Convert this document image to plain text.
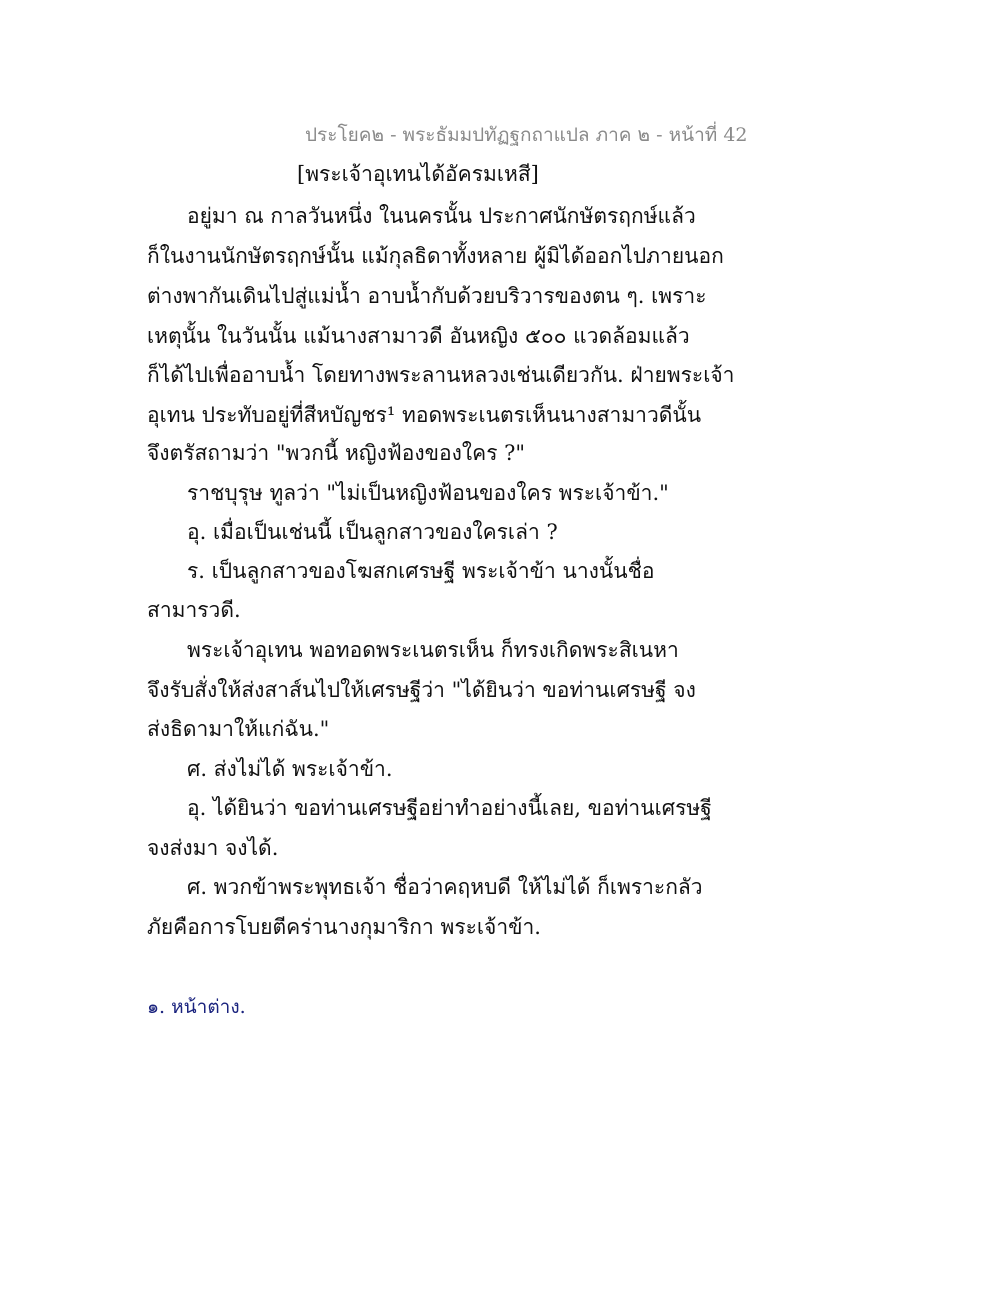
ประโยค๒ - พระธัมมปทัฏฐกถาแปล ภาค ๒ - หน้าที่ 42
[พระเจ้าอุเทนได้อัครมเหสี]
อยู่มา ณ กาลวันหนึ่ง ในนครนั้น ประกาศนักษัตรฤกษ์แล้ว
ก็ในงานนักษัตรฤกษ์นั้น แม้กุลธิดาทั้งหลาย ผู้มิได้ออกไปภายนอก
ต่างพากันเดินไปสู่แม่น้ำ อาบน้ำกับด้วยบริวารของตน ๆ. เพราะ
เหตุนั้น ในวันนั้น แม้นางสามาวดี อันหญิง ๕๐๐ แวดล้อมแล้ว
ก็ได้ไปเพื่ออาบน้ำ โดยทางพระลานหลวงเช่นเดียวกัน. ฝ่ายพระเจ้า
อุเทน ประทับอยู่ที่สีหบัญชร¹ ทอดพระเนตรเห็นนางสามาวดีนั้น
จึงตรัสถามว่า "พวกนี้ หญิงฟ้องของใคร ?"
ราชบุรุษ ทูลว่า "ไม่เป็นหญิงฟ้อนของใคร พระเจ้าข้า."
อุ. เมื่อเป็นเช่นนี้ เป็นลูกสาวของใครเล่า ?
ร. เป็นลูกสาวของโฆสกเศรษฐี พระเจ้าข้า นางนั้นชื่อ
สามารวดี.
พระเจ้าอุเทน พอทอดพระเนตรเห็น ก็ทรงเกิดพระสิเนหา
จึงรับสั่งให้ส่งสาส์นไปให้เศรษฐีว่า "ได้ยินว่า ขอท่านเศรษฐี จง
ส่งธิดามาให้แก่ฉัน."
ศ. ส่งไม่ได้ พระเจ้าข้า.
อุ. ได้ยินว่า ขอท่านเศรษฐีอย่าทำอย่างนี้เลย, ขอท่านเศรษฐี
จงส่งมา จงได้.
ศ. พวกข้าพระพุทธเจ้า ชื่อว่าคฤหบดี ให้ไม่ได้ ก็เพราะกลัว
ภัยคือการโบยตีคร่านางกุมาริกา พระเจ้าข้า.
๑. หน้าต่าง.
